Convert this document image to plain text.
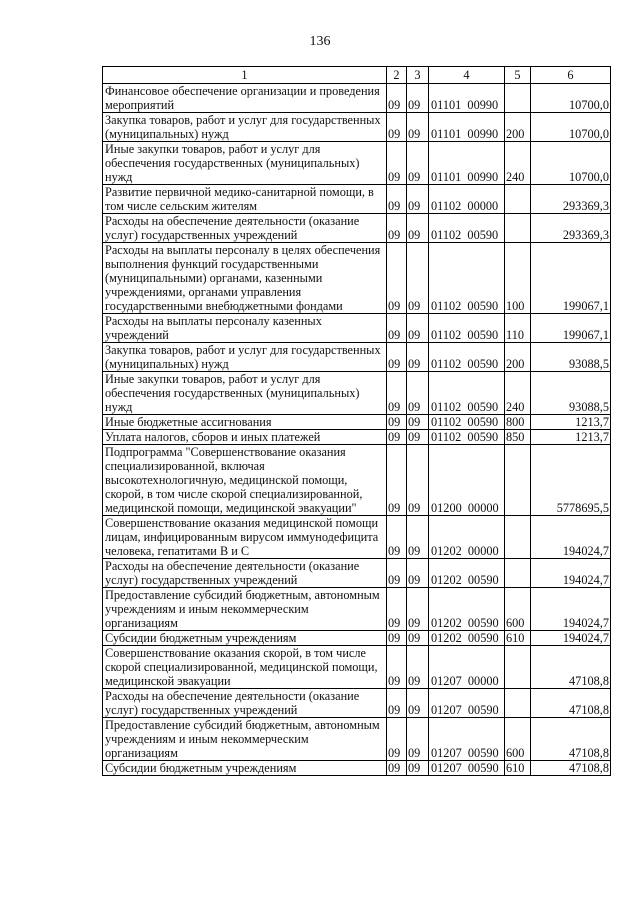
136
1	2	3	4	5	6
Финансовое обеспечение организации и проведения мероприятий	09	09	01101  00990		10700,0
Закупка товаров, работ и услуг для государственных (муниципальных) нужд	09	09	01101  00990	200	10700,0
Иные закупки товаров, работ и услуг для обеспечения государственных (муниципальных) нужд	09	09	01101  00990	240	10700,0
Развитие первичной медико-санитарной помощи, в том числе сельским жителям	09	09	01102  00000		293369,3
Расходы на обеспечение деятельности (оказание услуг) государственных учреждений	09	09	01102  00590		293369,3
Расходы на выплаты персоналу в целях обеспечения выполнения функций государственными (муниципальными) органами, казенными учреждениями, органами управления государственными внебюджетными фондами	09	09	01102  00590	100	199067,1
Расходы на выплаты персоналу казенных учреждений	09	09	01102  00590	110	199067,1
Закупка товаров, работ и услуг для государственных (муниципальных) нужд	09	09	01102  00590	200	93088,5
Иные закупки товаров, работ и услуг для обеспечения государственных (муниципальных) нужд	09	09	01102  00590	240	93088,5
Иные бюджетные ассигнования	09	09	01102  00590	800	1213,7
Уплата налогов, сборов и иных платежей	09	09	01102  00590	850	1213,7
Подпрограмма "Совершенствование оказания специализированной, включая высокотехнологичную, медицинской помощи, скорой, в том числе скорой специализированной, медицинской помощи, медицинской эвакуации"	09	09	01200  00000		5778695,5
Совершенствование оказания медицинской помощи лицам, инфицированным вирусом иммунодефицита человека, гепатитами В и С	09	09	01202  00000		194024,7
Расходы на обеспечение деятельности (оказание услуг) государственных учреждений	09	09	01202  00590		194024,7
Предоставление субсидий бюджетным, автономным учреждениям и иным некоммерческим организациям	09	09	01202  00590	600	194024,7
Субсидии бюджетным учреждениям	09	09	01202  00590	610	194024,7
Совершенствование оказания скорой, в том числе скорой специализированной, медицинской помощи, медицинской эвакуации	09	09	01207  00000		47108,8
Расходы на обеспечение деятельности (оказание услуг) государственных учреждений	09	09	01207  00590		47108,8
Предоставление субсидий бюджетным, автономным учреждениям и иным некоммерческим организациям	09	09	01207  00590	600	47108,8
Субсидии бюджетным учреждениям	09	09	01207  00590	610	47108,8
